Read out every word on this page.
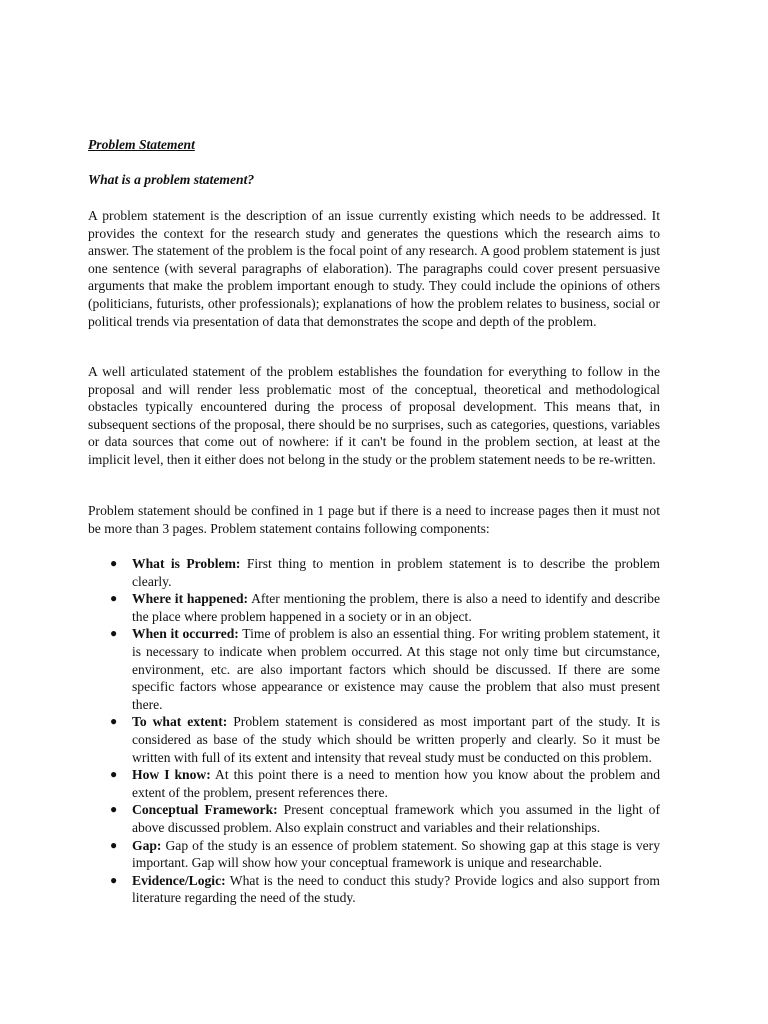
Problem Statement
What is a problem statement?

A problem statement is the description of an issue currently existing which needs to be addressed. It provides the context for the research study and generates the questions which the research aims to answer. The statement of the problem is the focal point of any research. A good problem statement is just one sentence (with several paragraphs of elaboration). The paragraphs could cover present persuasive arguments that make the problem important enough to study. They could include the opinions of others (politicians, futurists, other professionals); explanations of how the problem relates to business, social or political trends via presentation of data that demonstrates the scope and depth of the problem.

A well articulated statement of the problem establishes the foundation for everything to follow in the proposal and will render less problematic most of the conceptual, theoretical and methodological obstacles typically encountered during the process of proposal development. This means that, in subsequent sections of the proposal, there should be no surprises, such as categories, questions, variables or data sources that come out of nowhere: if it can't be found in the problem section, at least at the implicit level, then it either does not belong in the study or the problem statement needs to be re-written.

Problem statement should be confined in 1 page but if there is a need to increase pages then it must not be more than 3 pages. Problem statement contains following components:

● What is Problem: First thing to mention in problem statement is to describe the problem clearly.
● Where it happened: After mentioning the problem, there is also a need to identify and describe the place where problem happened in a society or in an object.
● When it occurred: Time of problem is also an essential thing. For writing problem statement, it is necessary to indicate when problem occurred. At this stage not only time but circumstance, environment, etc. are also important factors which should be discussed. If there are some specific factors whose appearance or existence may cause the problem that also must present there.
● To what extent: Problem statement is considered as most important part of the study. It is considered as base of the study which should be written properly and clearly. So it must be written with full of its extent and intensity that reveal study must be conducted on this problem.
● How I know: At this point there is a need to mention how you know about the problem and extent of the problem, present references there.
● Conceptual Framework: Present conceptual framework which you assumed in the light of above discussed problem. Also explain construct and variables and their relationships.
● Gap: Gap of the study is an essence of problem statement. So showing gap at this stage is very important. Gap will show how your conceptual framework is unique and researchable.
● Evidence/Logic: What is the need to conduct this study? Provide logics and also support from literature regarding the need of the study.
